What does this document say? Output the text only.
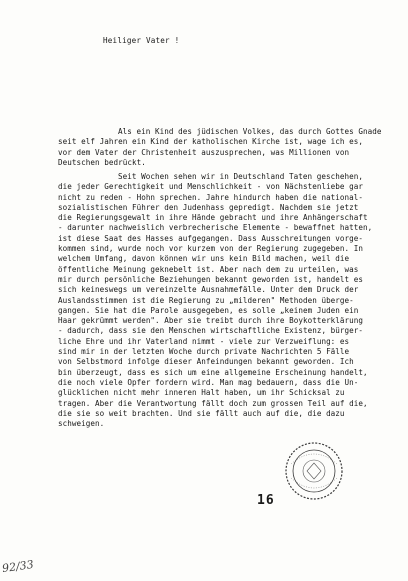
Heiliger Vater !
Als ein Kind des jüdischen Volkes, das durch Gottes Gnade
seit elf Jahren ein Kind der katholischen Kirche ist, wage ich es,
vor dem Vater der Christenheit auszusprechen, was Millionen von
Deutschen bedrückt.
Seit Wochen sehen wir in Deutschland Taten geschehen,
die jeder Gerechtigkeit und Menschlichkeit - von Nächstenliebe gar
nicht zu reden - Hohn sprechen. Jahre hindurch haben die national-
sozialistischen Führer den Judenhass gepredigt. Nachdem sie jetzt
die Regierungsgewalt in ihre Hände gebracht und ihre Anhängerschaft
- darunter nachweislich verbrecherische Elemente - bewaffnet hatten,
ist diese Saat des Hasses aufgegangen. Dass Ausschreitungen vorge-
kommen sind, wurde noch vor kurzem von der Regierung zugegeben. In
welchem Umfang, davon können wir uns kein Bild machen, weil die
öffentliche Meinung geknebelt ist. Aber nach dem zu urteilen, was
mir durch persönliche Beziehungen bekannt geworden ist, handelt es
sich keineswegs um vereinzelte Ausnahmefälle. Unter dem Druck der
Auslandsstimmen ist die Regierung zu „milderen" Methoden überge-
gangen. Sie hat die Parole ausgegeben, es solle „keinem Juden ein
Haar gekrümmt werden". Aber sie treibt durch ihre Boykotterklärung
- dadurch, dass sie den Menschen wirtschaftliche Existenz, bürger-
liche Ehre und ihr Vaterland nimmt - viele zur Verzweiflung: es
sind mir in der letzten Woche durch private Nachrichten 5 Fälle
von Selbstmord infolge dieser Anfeindungen bekannt geworden. Ich
bin überzeugt, dass es sich um eine allgemeine Erscheinung handelt,
die noch viele Opfer fordern wird. Man mag bedauern, dass die Un-
glücklichen nicht mehr inneren Halt haben, um ihr Schicksal zu
tragen. Aber die Verantwortung fällt doch zum grossen Teil auf die,
die sie so weit brachten. Und sie fällt auch auf die, die dazu
schweigen.
16
92/33
